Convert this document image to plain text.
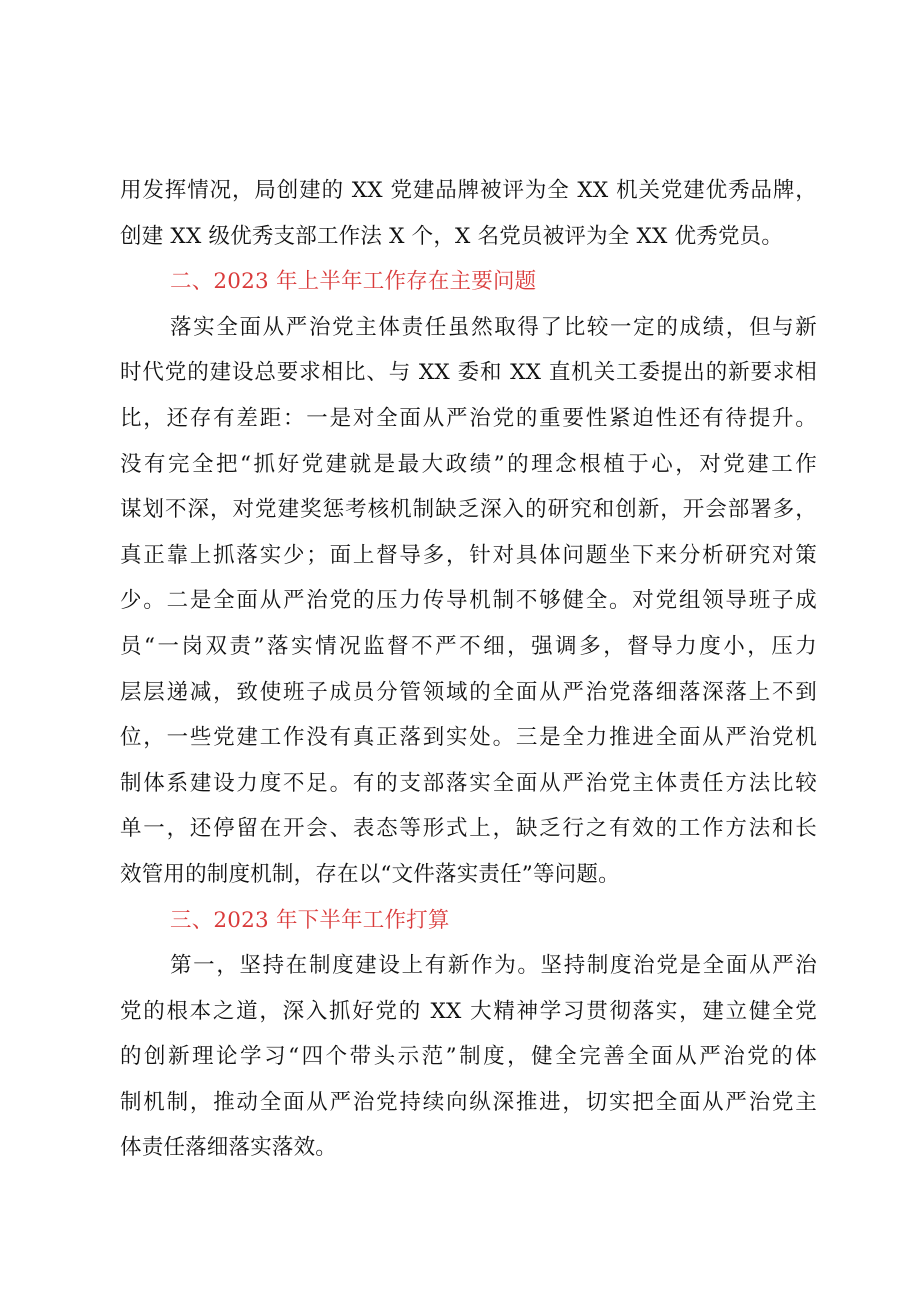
用发挥情况，局创建的 XX 党建品牌被评为全 XX 机关党建优秀品牌，
创建 XX 级优秀支部工作法 X 个，X 名党员被评为全 XX 优秀党员。
二、2023 年上半年工作存在主要问题
落实全面从严治党主体责任虽然取得了比较一定的成绩，但与新
时代党的建设总要求相比、与 XX 委和 XX 直机关工委提出的新要求相
比，还存有差距：一是对全面从严治党的重要性紧迫性还有待提升。
没有完全把“抓好党建就是最大政绩”的理念根植于心，对党建工作
谋划不深，对党建奖惩考核机制缺乏深入的研究和创新，开会部署多，
真正靠上抓落实少；面上督导多，针对具体问题坐下来分析研究对策
少。二是全面从严治党的压力传导机制不够健全。对党组领导班子成
员“一岗双责”落实情况监督不严不细，强调多，督导力度小，压力
层层递减，致使班子成员分管领域的全面从严治党落细落深落上不到
位，一些党建工作没有真正落到实处。三是全力推进全面从严治党机
制体系建设力度不足。有的支部落实全面从严治党主体责任方法比较
单一，还停留在开会、表态等形式上，缺乏行之有效的工作方法和长
效管用的制度机制，存在以“文件落实责任”等问题。
三、2023 年下半年工作打算
第一，坚持在制度建设上有新作为。坚持制度治党是全面从严治
党的根本之道，深入抓好党的 XX 大精神学习贯彻落实，建立健全党
的创新理论学习“四个带头示范”制度，健全完善全面从严治党的体
制机制，推动全面从严治党持续向纵深推进，切实把全面从严治党主
体责任落细落实落效。
